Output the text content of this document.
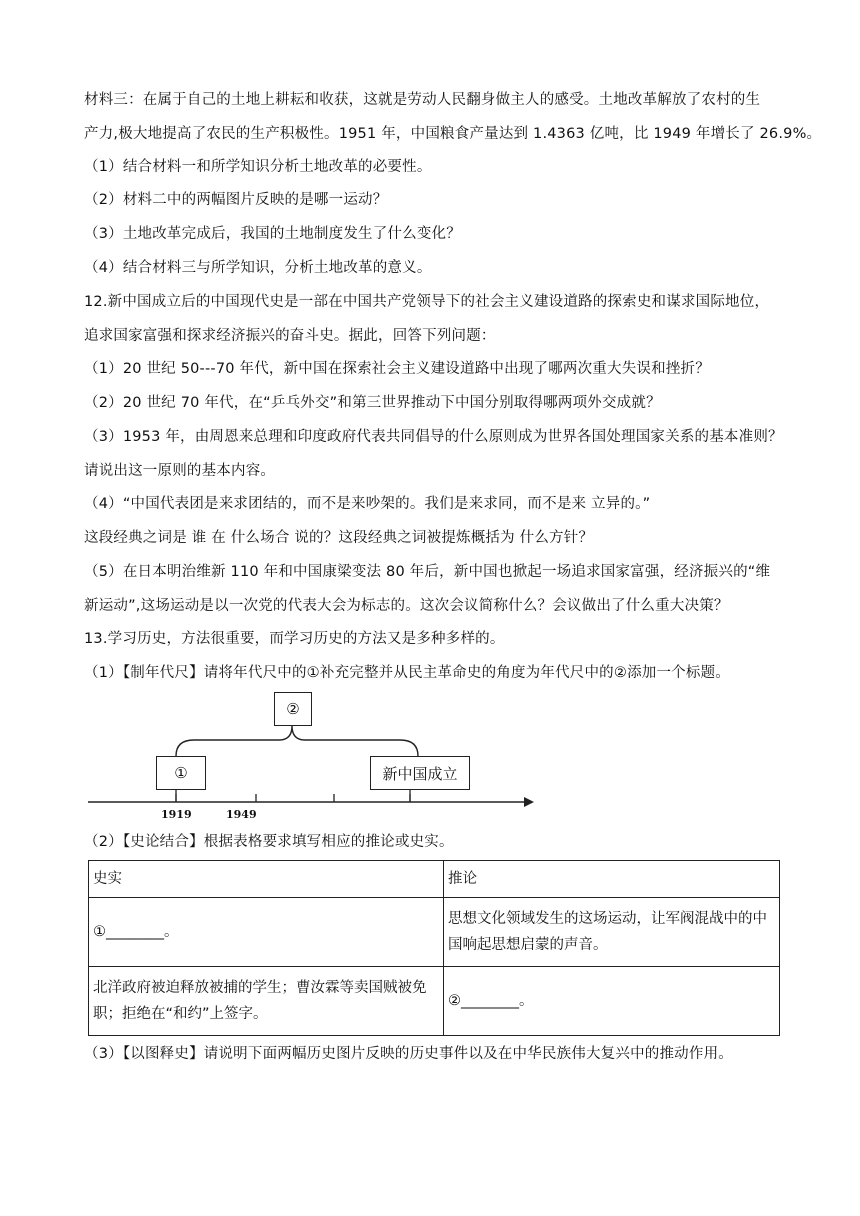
材料三：在属于自己的土地上耕耘和收获，这就是劳动人民翻身做主人的感受。土地改革解放了农村的生
产力,极大地提高了农民的生产积极性。1951 年，中国粮食产量达到 1.4363 亿吨，比 1949 年增长了 26.9%。
（1）结合材料一和所学知识分析土地改革的必要性。
（2）材料二中的两幅图片反映的是哪一运动？
（3）土地改革完成后，我国的土地制度发生了什么变化？
（4）结合材料三与所学知识，分析土地改革的意义。
12.新中国成立后的中国现代史是一部在中国共产党领导下的社会主义建设道路的探索史和谋求国际地位，
追求国家富强和探求经济振兴的奋斗史。据此，回答下列问题：
（1）20 世纪 50---70 年代，新中国在探索社会主义建设道路中出现了哪两次重大失误和挫折？
（2）20 世纪 70 年代，在“乒乓外交”和第三世界推动下中国分别取得哪两项外交成就？
（3）1953 年，由周恩来总理和印度政府代表共同倡导的什么原则成为世界各国处理国家关系的基本准则？
请说出这一原则的基本内容。
（4）“中国代表团是来求团结的，而不是来吵架的。我们是来求同，而不是来 立异的。”
这段经典之词是 谁 在 什么场合 说的？这段经典之词被提炼概括为 什么方针？
（5）在日本明治维新 110 年和中国康梁变法 80 年后，新中国也掀起一场追求国家富强，经济振兴的“维
新运动”,这场运动是以一次党的代表大会为标志的。这次会议简称什么？会议做出了什么重大决策？
13.学习历史，方法很重要，而学习历史的方法又是多种多样的。
（1）【制年代尺】请将年代尺中的①补充完整并从民主革命史的角度为年代尺中的②添加一个标题。
②
①	新中国成立
1919	1949
（2）【史论结合】根据表格要求填写相应的推论或史实。
史实	推论
①________。	思想文化领域发生的这场运动，让军阀混战中的中
国响起思想启蒙的声音。

北洋政府被迫释放被捕的学生；曹汝霖等卖国贼被免
职；拒绝在“和约”上签字。	②________。
（3）【以图释史】请说明下面两幅历史图片反映的历史事件以及在中华民族伟大复兴中的推动作用。
